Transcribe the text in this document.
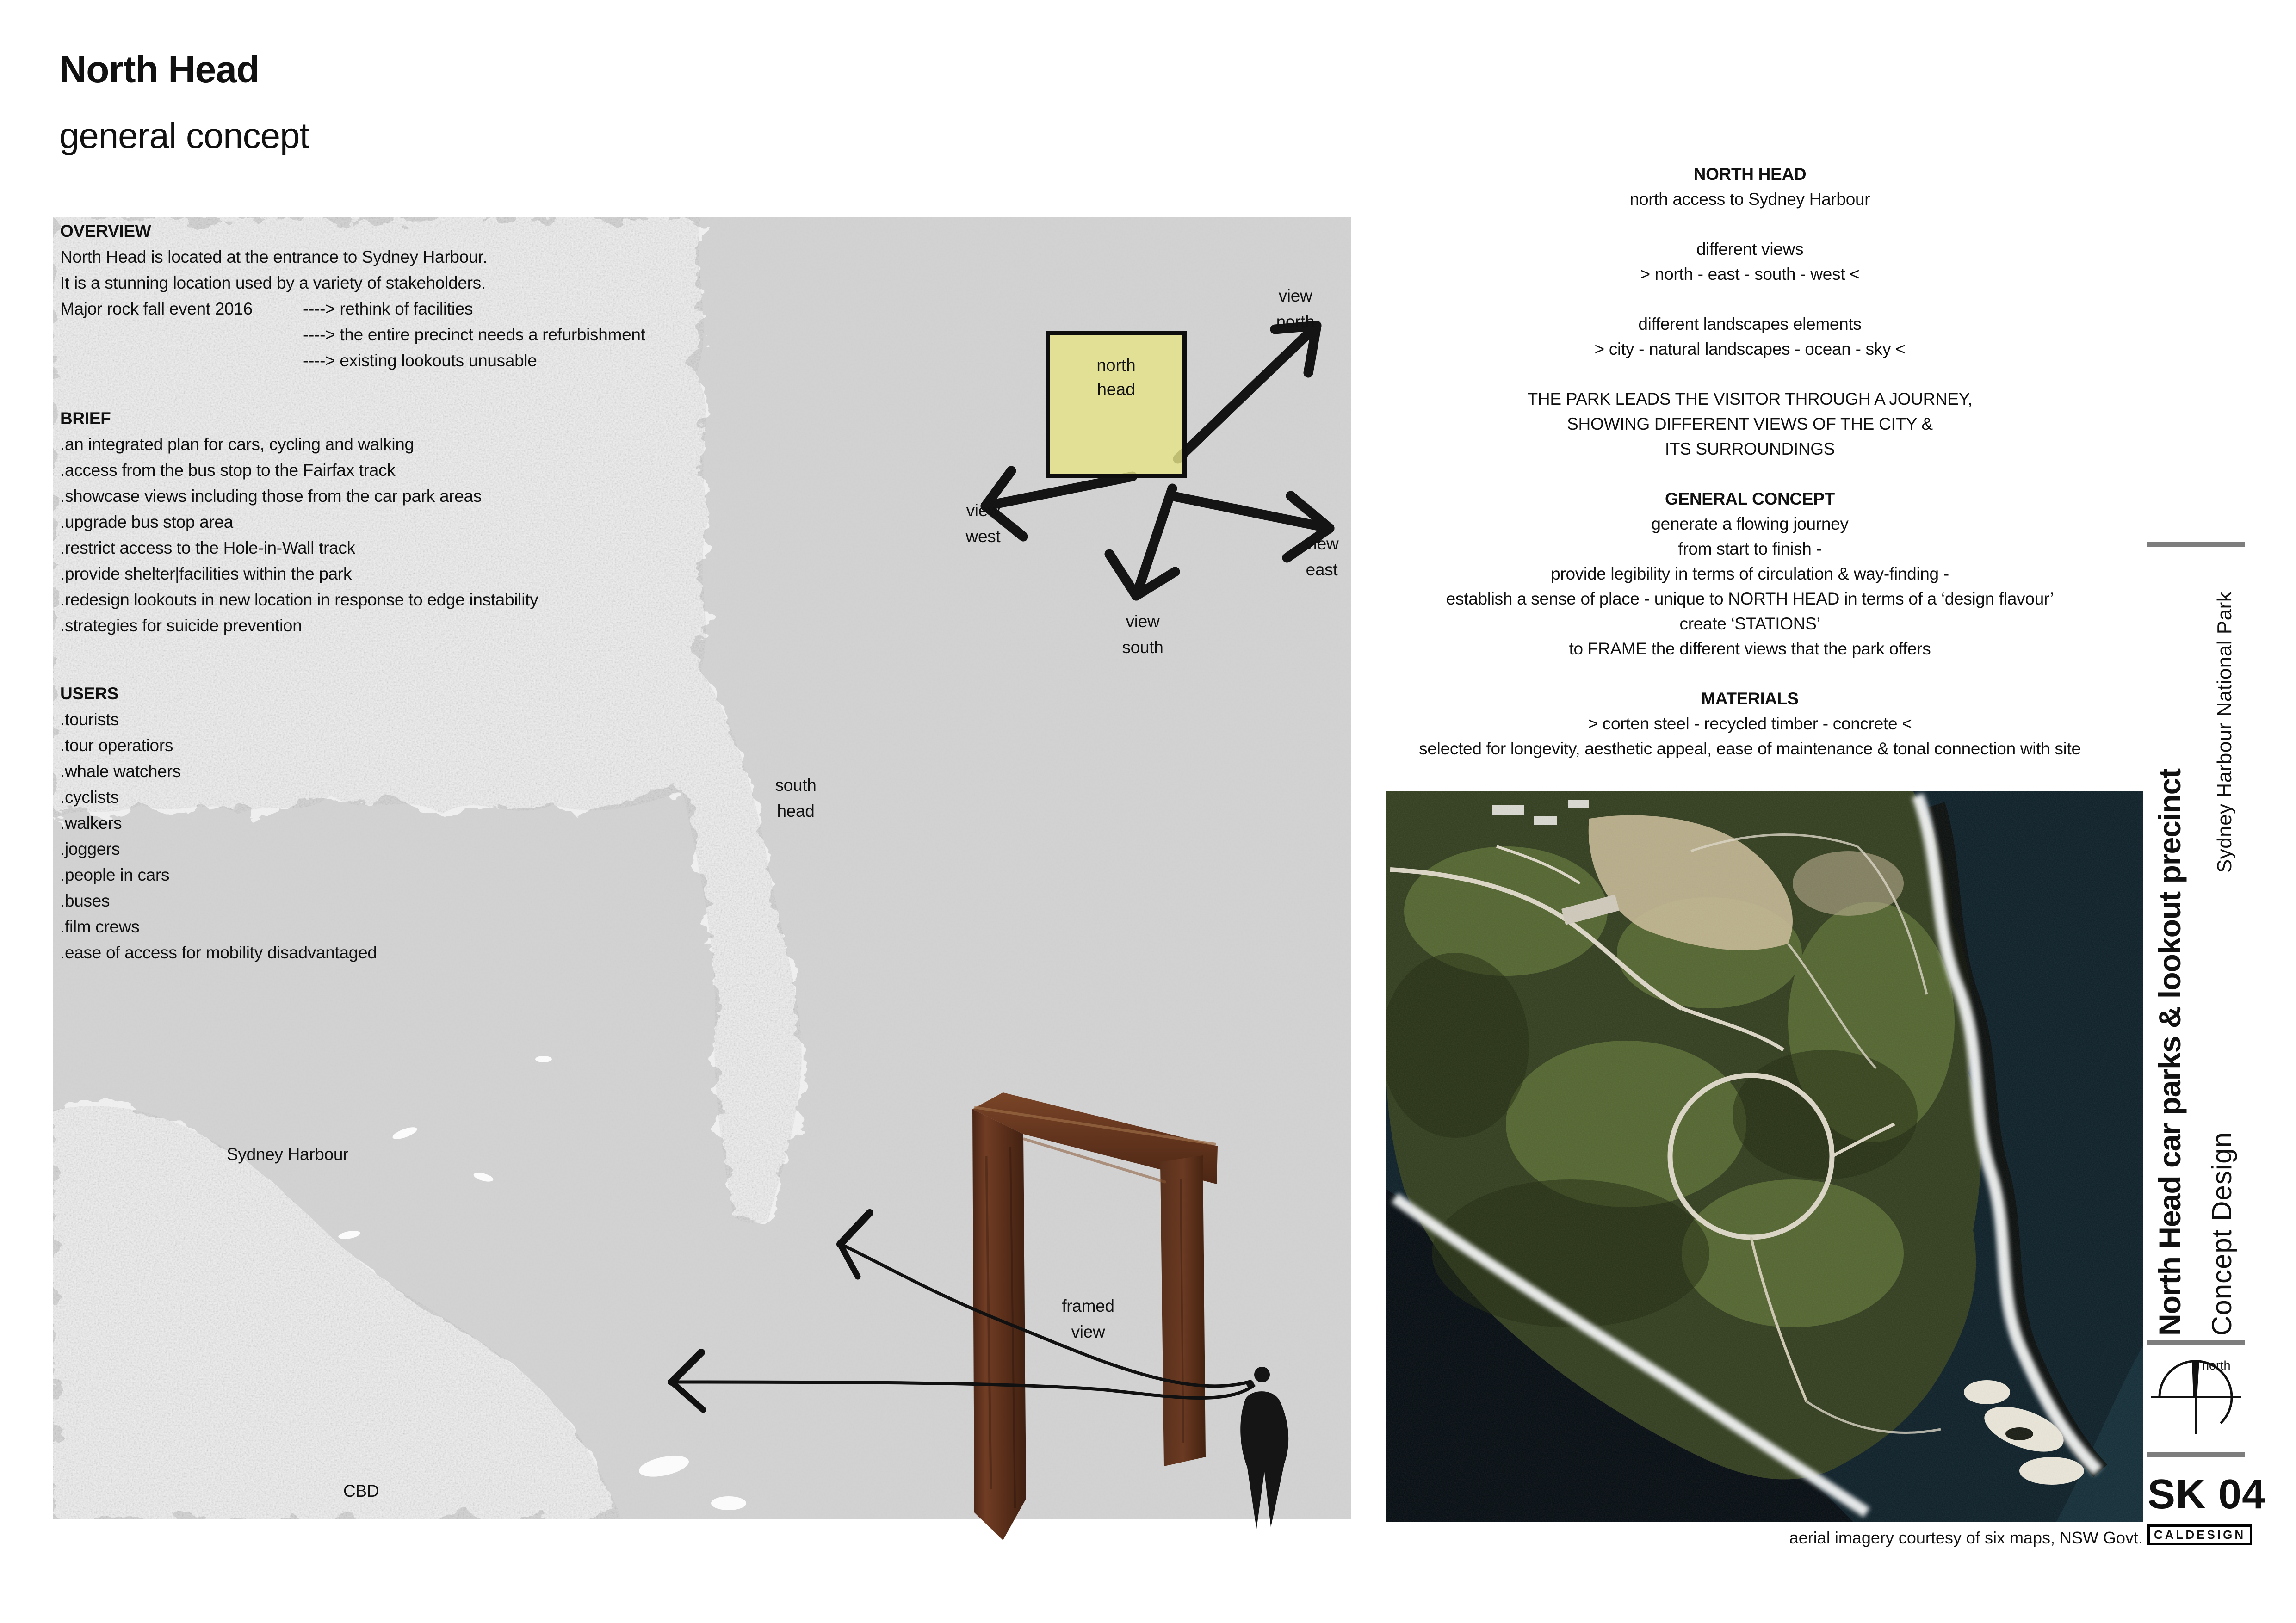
North Head
general concept
OVERVIEW
North Head is located at the entrance to Sydney Harbour.
It is a stunning location used by a variety of stakeholders.
Major rock fall event 2016	----> rethink of facilities
----> the entire precinct needs a refurbishment
----> existing lookouts unusable
BRIEF
.an integrated plan for cars, cycling and walking
.access from the bus stop to the Fairfax track
.showcase views including those from the car park areas
.upgrade bus stop area
.restrict access to the Hole-in-Wall track
.provide shelter|facilities within the park
.redesign lookouts in new location in response to edge instability
.strategies for suicide prevention
USERS
.tourists
.tour operatiors
.whale watchers
.cyclists
.walkers
.joggers
.people in cars
.buses
.film crews
.ease of access for mobility disadvantaged
north
head
view
north
view
west	view
east
view
south
south
head
Sydney Harbour
CBD
framed
view
NORTH HEAD
north access to Sydney Harbour
different views
> north - east - south - west <
different landscapes elements
> city - natural landscapes - ocean - sky <
THE PARK LEADS THE VISITOR THROUGH A JOURNEY,
SHOWING DIFFERENT VIEWS OF THE CITY &
ITS SURROUNDINGS
GENERAL CONCEPT
generate a flowing journey
from start to finish -
provide legibility in terms of circulation & way-finding -
establish a sense of place - unique to NORTH HEAD in terms of a ‘design flavour’
create ‘STATIONS’
to FRAME the different views that the park offers
MATERIALS
> corten steel - recycled timber - concrete <
selected for longevity, aesthetic appeal, ease of maintenance & tonal connection with site
aerial imagery courtesy of six maps, NSW Govt.
North Head car parks & lookout precinct Concept DesignSydney Harbour National Park
north
SK 04
CALDESIGN
